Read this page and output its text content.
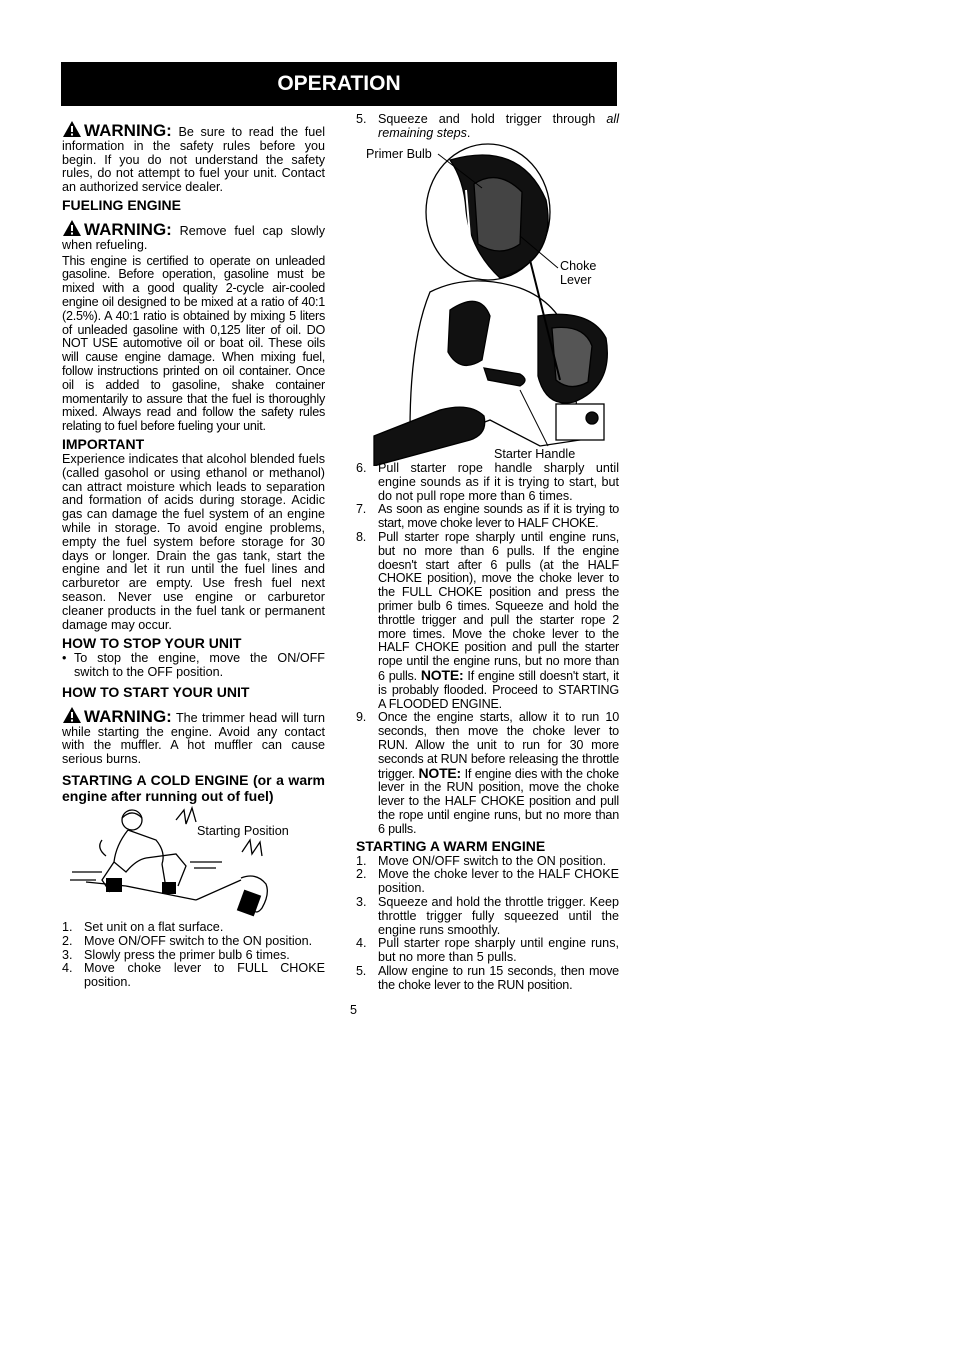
OPERATION

WARNING: Be sure to read the fuel information in the safety rules before you begin. If you do not understand the safety rules, do not attempt to fuel your unit. Contact an authorized service dealer.

FUELING ENGINE

WARNING: Remove fuel cap slowly when refueling.

This engine is certified to operate on unleaded gasoline. Before operation, gasoline must be mixed with a good quality 2-cycle air-cooled engine oil designed to be mixed at a ratio of 40:1 (2.5%). A 40:1 ratio is obtained by mixing 5 liters of unleaded gasoline with 0,125 liter of oil. DO NOT USE automotive oil or boat oil. These oils will cause engine damage. When mixing fuel, follow instructions printed on oil container. Once oil is added to gasoline, shake container momentarily to assure that the fuel is thoroughly mixed. Always read and follow the safety rules relating to fuel before fueling your unit.

IMPORTANT

Experience indicates that alcohol blended fuels (called gasohol or using ethanol or methanol) can attract moisture which leads to separation and formation of acids during storage. Acidic gas can damage the fuel system of an engine while in storage. To avoid engine problems, empty the fuel system before storage for 30 days or longer. Drain the gas tank, start the engine and let it run until the fuel lines and carburetor are empty. Use fresh fuel next season. Never use engine or carburetor cleaner products in the fuel tank or permanent damage may occur.

HOW TO STOP YOUR UNIT
• To stop the engine, move the ON/OFF switch to the OFF position.
HOW TO START YOUR UNIT

WARNING: The trimmer head will turn while starting the engine. Avoid any contact with the muffler. A hot muffler can cause serious burns.

STARTING A COLD ENGINE (or a warm engine after running out of fuel)
Starting Position
1. Set unit on a flat surface.
2. Move ON/OFF switch to the ON position.
3. Slowly press the primer bulb 6 times.
4. Move choke lever to FULL CHOKE position.
5. Squeeze and hold trigger through all remaining steps.
Primer Bulb
Choke
Lever
Starter Handle
6. Pull starter rope handle sharply until engine sounds as if it is trying to start, but do not pull rope more than 6 times.
7. As soon as engine sounds as if it is trying to start, move choke lever to HALF CHOKE.
8. Pull starter rope sharply until engine runs, but no more than 6 pulls. If the engine doesn't start after 6 pulls (at the HALF CHOKE position), move the choke lever to the FULL CHOKE position and press the primer bulb 6 times. Squeeze and hold the throttle trigger and pull the starter rope 2 more times. Move the choke lever to the HALF CHOKE position and pull the starter rope until the engine runs, but no more than 6 pulls. NOTE: If engine still doesn't start, it is probably flooded. Proceed to STARTING A FLOODED ENGINE.
9. Once the engine starts, allow it to run 10 seconds, then move the choke lever to RUN. Allow the unit to run for 30 more seconds at RUN before releasing the throttle trigger. NOTE: If engine dies with the choke lever in the RUN position, move the choke lever to the HALF CHOKE position and pull the rope until engine runs, but no more than 6 pulls.
STARTING A WARM ENGINE
1. Move ON/OFF switch to the ON position.
2. Move the choke lever to the HALF CHOKE position.
3. Squeeze and hold the throttle trigger. Keep throttle trigger fully squeezed until the engine runs smoothly.
4. Pull starter rope sharply until engine runs, but no more than 5 pulls.
5. Allow engine to run 15 seconds, then move the choke lever to the RUN position.
5
